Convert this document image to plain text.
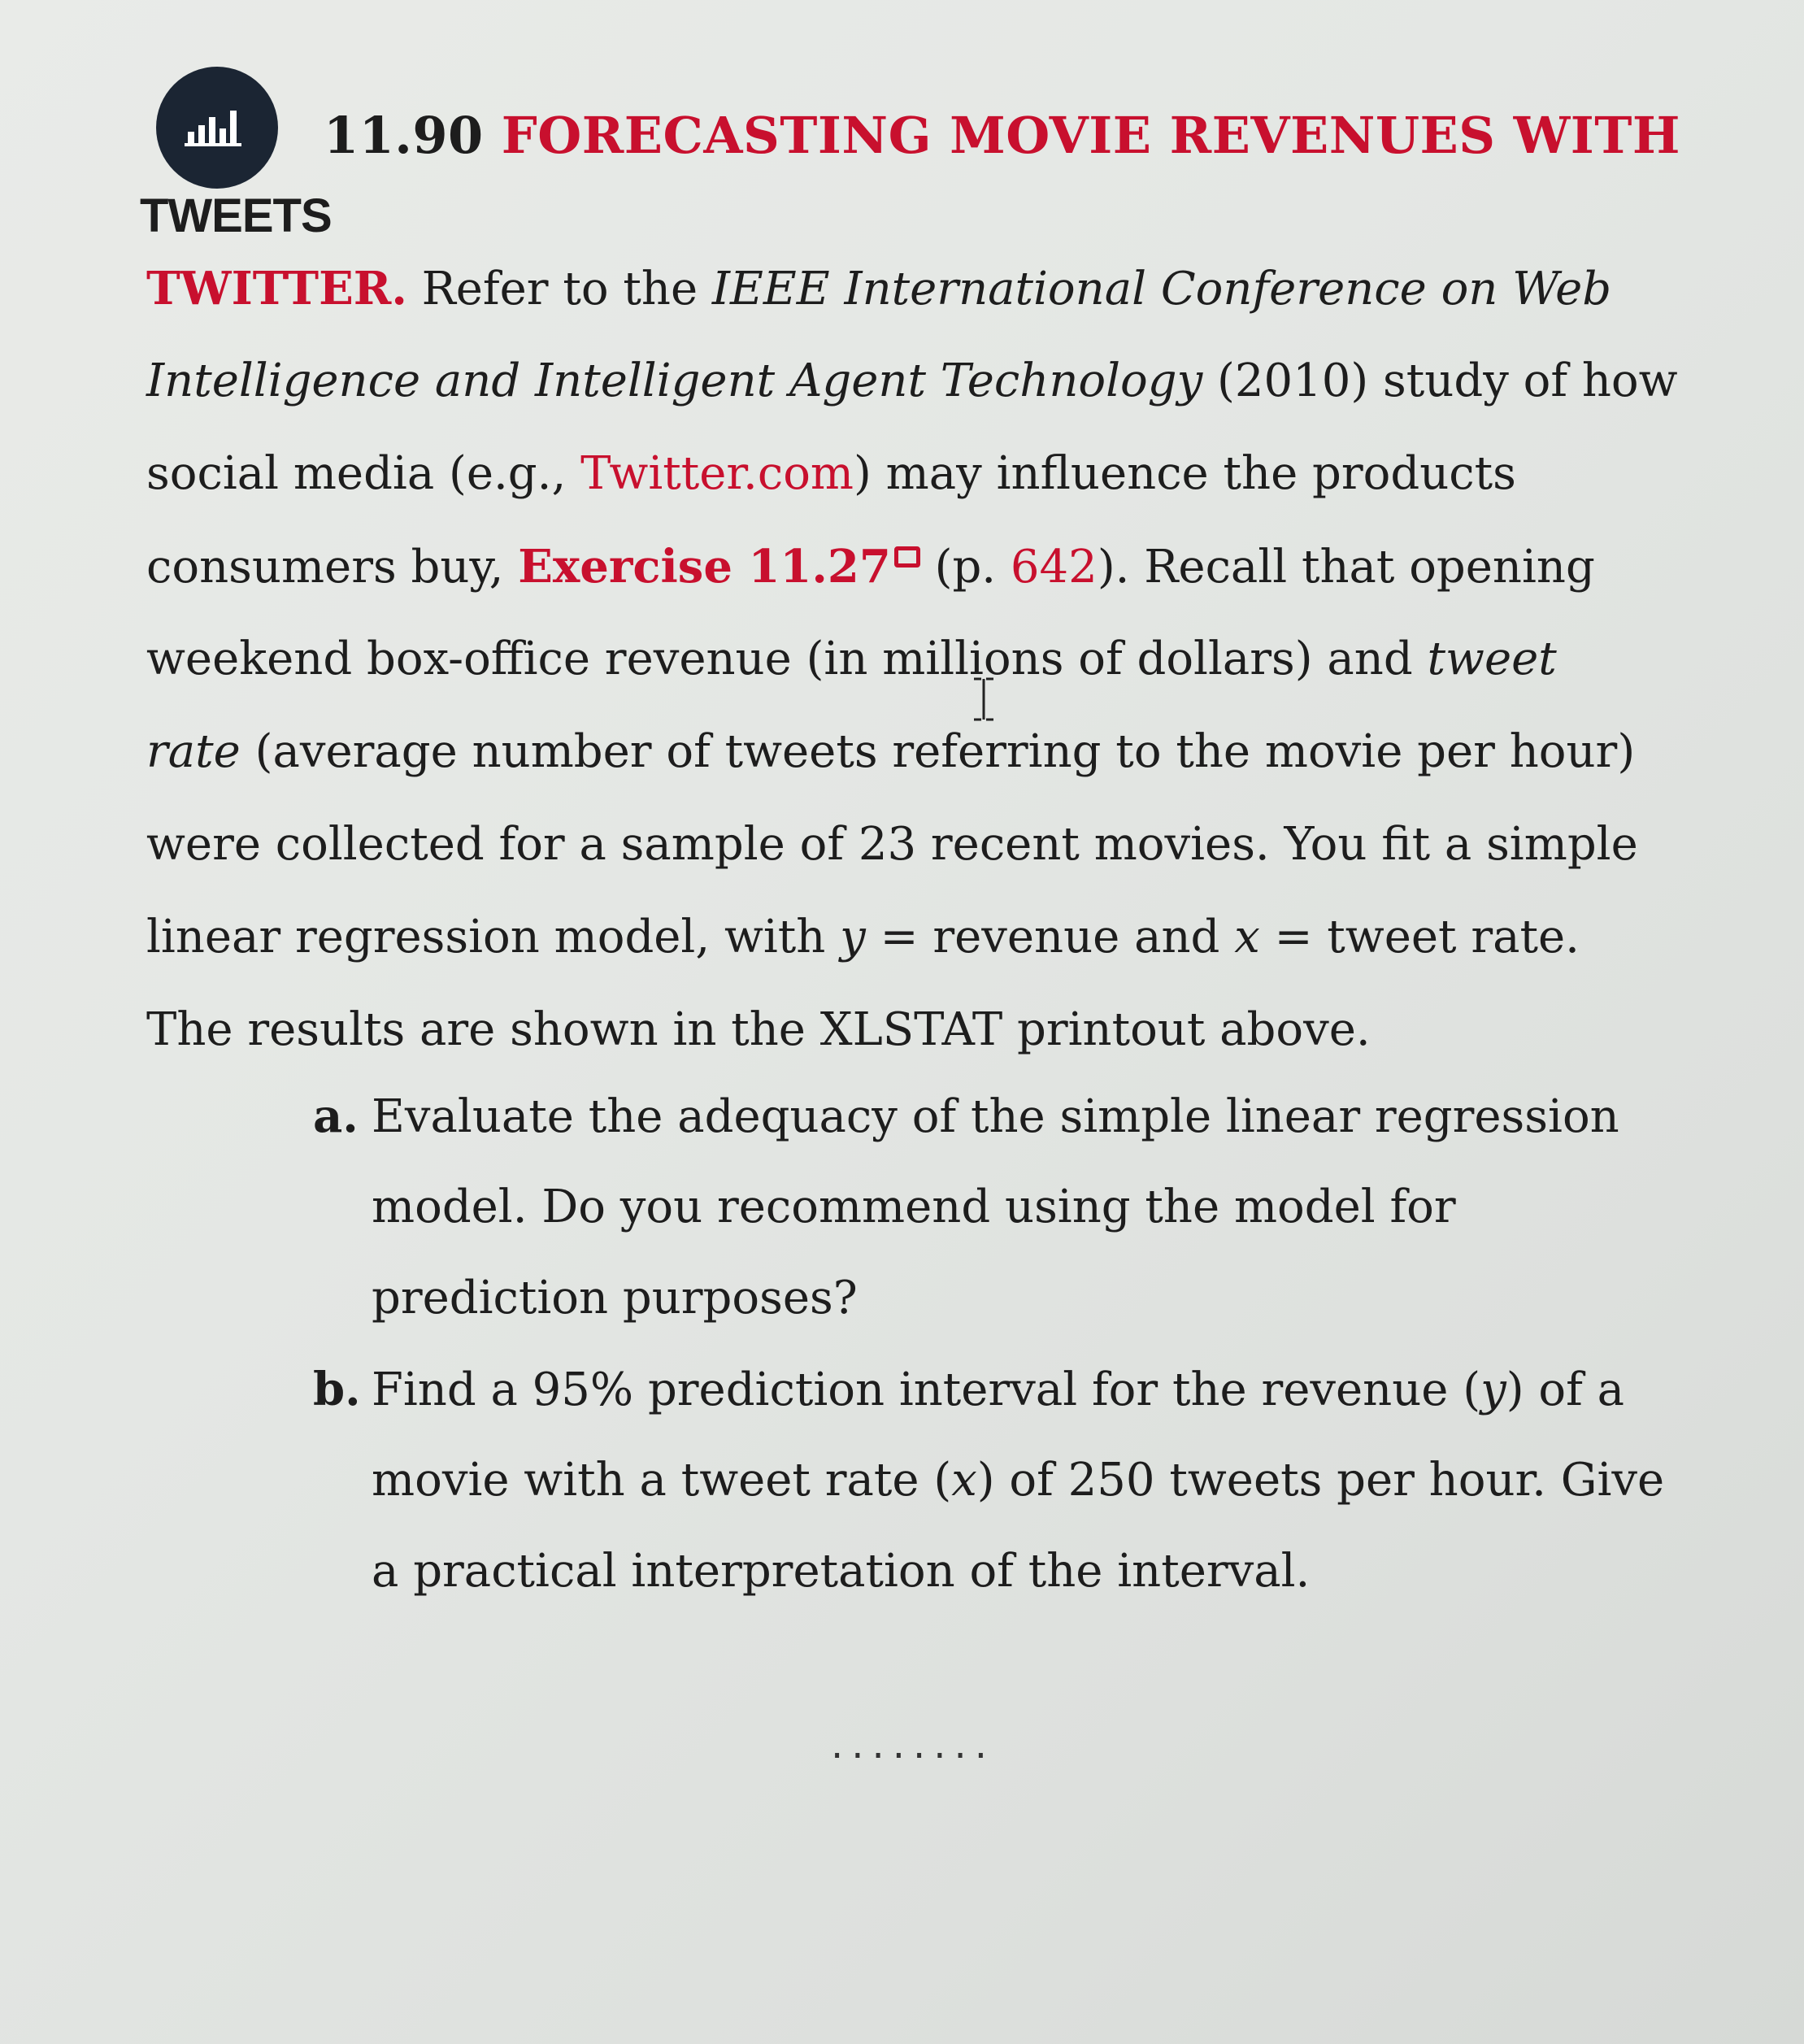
11.90 FORECASTING MOVIE REVENUES WITH
TWEETS
TWITTER. Refer to the IEEE International Conference on Web
Intelligence and Intelligent Agent Technology (2010) study of how
social media (e.g., Twitter.com) may influence the products
consumers buy, Exercise 11.27 (p. 642). Recall that opening
weekend box-office revenue (in millions of dollars) and tweet
rate (average number of tweets referring to the movie per hour)
were collected for a sample of 23 recent movies. You fit a simple
linear regression model, with y = revenue and x = tweet rate.
The results are shown in the XLSTAT printout above.
a. Evaluate the adequacy of the simple linear regression
model. Do you recommend using the model for
prediction purposes?
b. Find a 95% prediction interval for the revenue (y) of a
movie with a tweet rate (x) of 250 tweets per hour. Give
a practical interpretation of the interval.
........
